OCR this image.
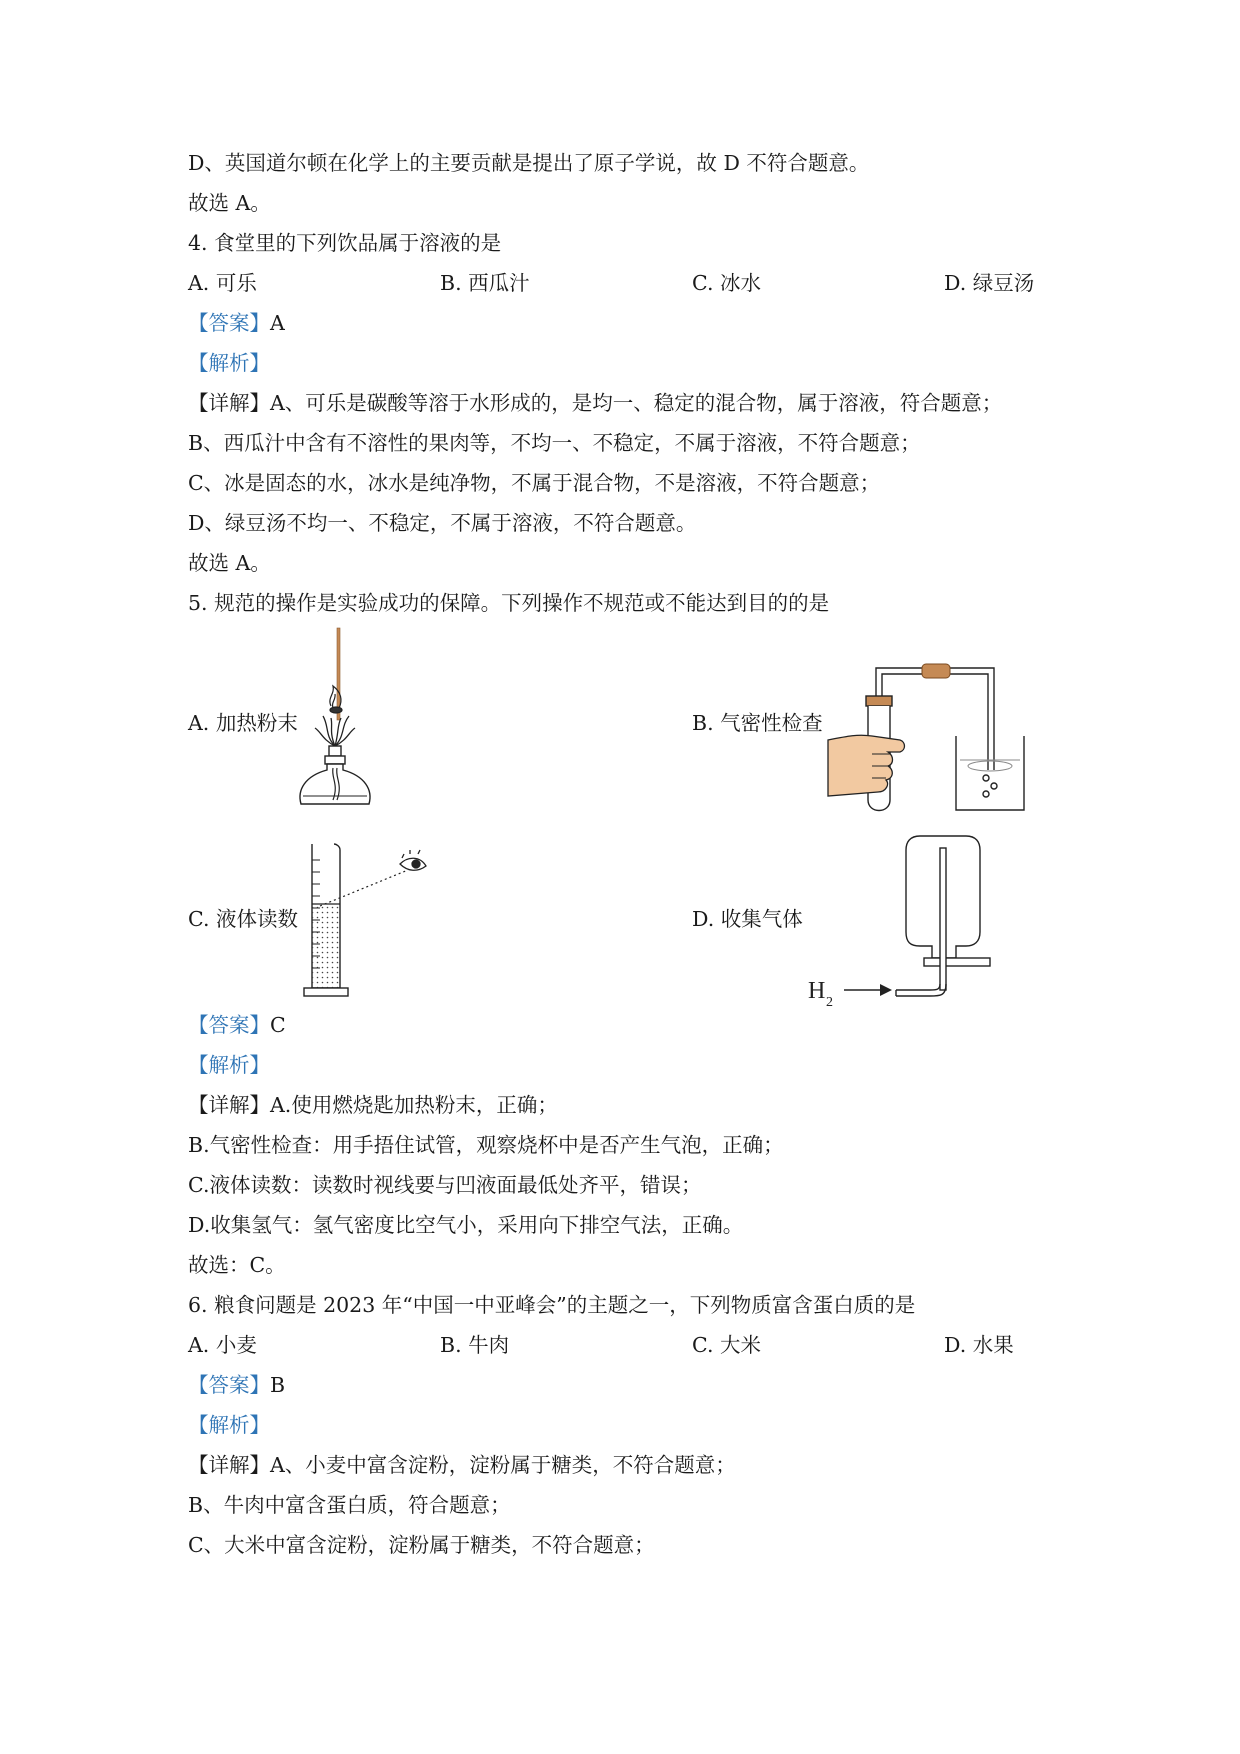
D、英国道尔顿在化学上的主要贡献是提出了原子学说，故 D 不符合题意。
故选 A。
4. 食堂里的下列饮品属于溶液的是
A. 可乐	B. 西瓜汁	C. 冰水	D. 绿豆汤
【答案】A
【解析】
【详解】A、可乐是碳酸等溶于水形成的，是均一、稳定的混合物，属于溶液，符合题意；
B、西瓜汁中含有不溶性的果肉等，不均一、不稳定，不属于溶液，不符合题意；
C、冰是固态的水，冰水是纯净物，不属于混合物，不是溶液，不符合题意；
D、绿豆汤不均一、不稳定，不属于溶液，不符合题意。
故选 A。
5. 规范的操作是实验成功的保障。下列操作不规范或不能达到目的的是
A. 加热粉末	B. 气密性检查
C. 液体读数	D. 收集气体
H 2
【答案】C
【解析】
【详解】A.使用燃烧匙加热粉末，正确；
B.气密性检查：用手捂住试管，观察烧杯中是否产生气泡，正确；
C.液体读数：读数时视线要与凹液面最低处齐平，错误；
D.收集氢气：氢气密度比空气小，采用向下排空气法，正确。
故选：C。
6. 粮食问题是 2023 年“中国一中亚峰会”的主题之一，下列物质富含蛋白质的是
A. 小麦	B. 牛肉	C. 大米	D. 水果
【答案】B
【解析】
【详解】A、小麦中富含淀粉，淀粉属于糖类，不符合题意；
B、牛肉中富含蛋白质，符合题意；
C、大米中富含淀粉，淀粉属于糖类，不符合题意；
